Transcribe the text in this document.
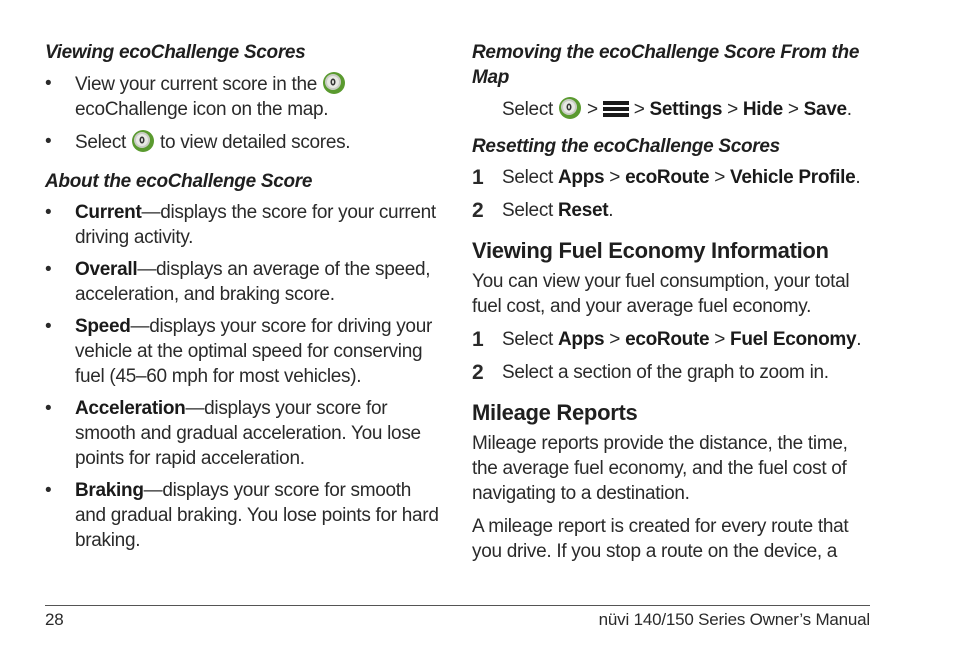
Viewing ecoChallenge Scores
• View your current score in the  ecoChallenge icon on the map.
• Select to view detailed scores.
About the ecoChallenge Score
• Current—displays the score for your current driving activity.
• Overall—displays an average of the speed, acceleration, and braking score.
• Speed—displays your score for driving your vehicle at the optimal speed for conserving fuel (45–60 mph for most vehicles).
• Acceleration—displays your score for smooth and gradual acceleration. You lose points for rapid acceleration.
• Braking—displays your score for smooth and gradual braking. You lose points for hard braking.
Removing the ecoChallenge Score From the Map
Select > > Settings > Hide > Save.
Resetting the ecoChallenge Scores
1 Select Apps > ecoRoute > Vehicle Profile.
2 Select Reset.
Viewing Fuel Economy Information
You can view your fuel consumption, your total fuel cost, and your average fuel economy.
1 Select Apps > ecoRoute > Fuel Economy.
2 Select a section of the graph to zoom in.
Mileage Reports
Mileage reports provide the distance, the time, the average fuel economy, and the fuel cost of navigating to a destination.
A mileage report is created for every route that you drive. If you stop a route on the device, a
28	nüvi 140/150 Series Owner’s Manual
